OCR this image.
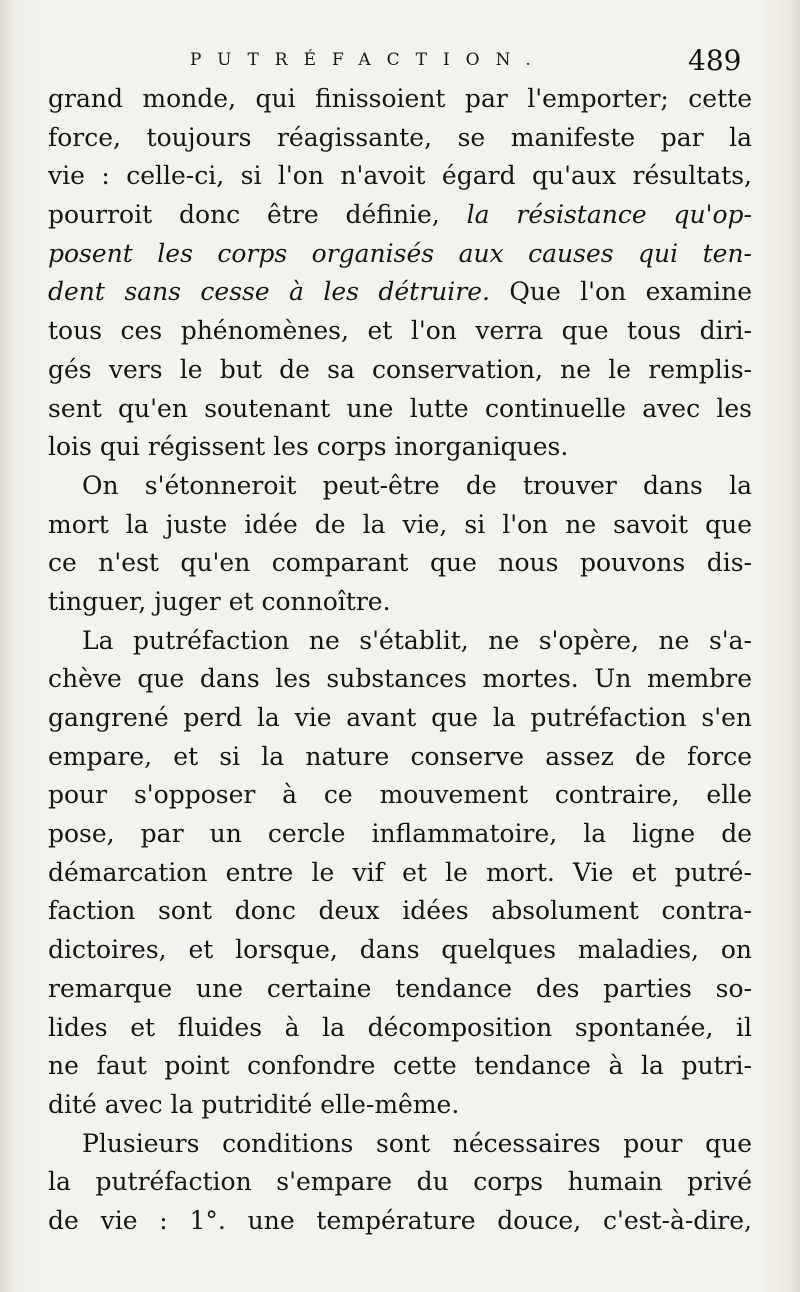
PUTRÉFACTION.	489
grand monde, qui finissoient par l'emporter; cette
force, toujours réagissante, se manifeste par la
vie : celle-ci, si l'on n'avoit égard qu'aux résultats,
pourroit donc être définie, la résistance qu'op-
posent les corps organisés aux causes qui ten-
dent sans cesse à les détruire. Que l'on examine
tous ces phénomènes, et l'on verra que tous diri-
gés vers le but de sa conservation, ne le remplis-
sent qu'en soutenant une lutte continuelle avec les
lois qui régissent les corps inorganiques.
On s'étonneroit peut-être de trouver dans la
mort la juste idée de la vie, si l'on ne savoit que
ce n'est qu'en comparant que nous pouvons dis-
tinguer, juger et connoître.
La putréfaction ne s'établit, ne s'opère, ne s'a-
chève que dans les substances mortes. Un membre
gangrené perd la vie avant que la putréfaction s'en
empare, et si la nature conserve assez de force
pour s'opposer à ce mouvement contraire, elle
pose, par un cercle inflammatoire, la ligne de
démarcation entre le vif et le mort. Vie et putré-
faction sont donc deux idées absolument contra-
dictoires, et lorsque, dans quelques maladies, on
remarque une certaine tendance des parties so-
lides et fluides à la décomposition spontanée, il
ne faut point confondre cette tendance à la putri-
dité avec la putridité elle-même.
Plusieurs conditions sont nécessaires pour que
la putréfaction s'empare du corps humain privé
de vie : 1°. une température douce, c'est-à-dire,
